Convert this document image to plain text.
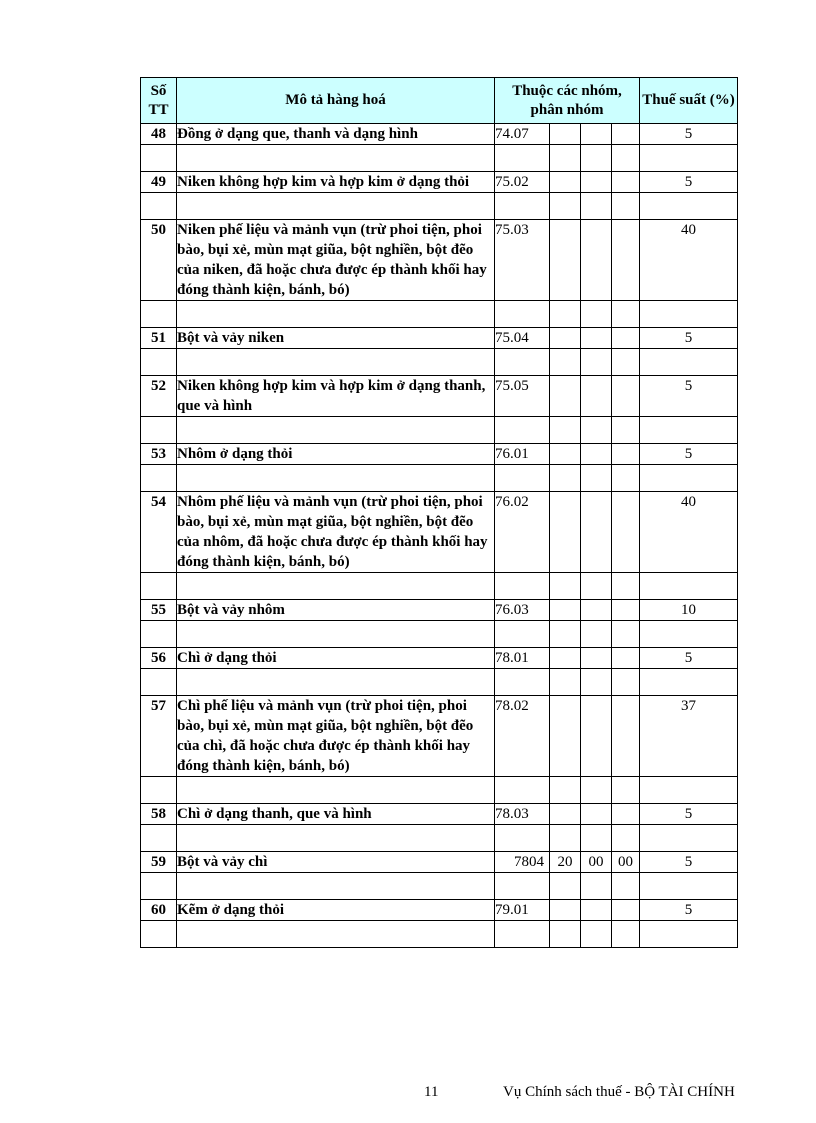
Số TT	Mô tả hàng hoá	Thuộc các nhóm, phân nhóm				Thuế suất (%)
48	Đồng ở dạng que, thanh và dạng hình	74.07				5

49	Niken không hợp kim và hợp kim ở dạng thỏi	75.02				5

50	Niken phế liệu và mảnh vụn (trừ phoi tiện, phoi bào, bụi xẻ, mùn mạt giũa, bột nghiền, bột đẽo của niken, đã hoặc chưa được ép thành khối hay đóng thành kiện, bánh, bó)	75.03				40

51	Bột và vảy niken	75.04				5

52	Niken không hợp kim và hợp kim ở dạng thanh, que và hình	75.05				5

53	Nhôm ở dạng thỏi	76.01				5

54	Nhôm phế liệu và mảnh vụn (trừ phoi tiện, phoi bào, bụi xẻ, mùn mạt giũa, bột nghiền, bột đẽo của nhôm, đã hoặc chưa được ép thành khối hay đóng thành kiện, bánh, bó)	76.02				40

55	Bột và vảy nhôm	76.03				10

56	Chì ở dạng thỏi	78.01				5

57	Chì phế liệu và mảnh vụn (trừ phoi tiện, phoi bào, bụi xẻ, mùn mạt giũa, bột nghiền, bột đẽo của chì, đã hoặc chưa được ép thành khối hay đóng thành kiện, bánh, bó)	78.02				37

58	Chì ở dạng thanh, que và hình	78.03				5

59	Bột và vảy chì	7804	20	00	00	5

60	Kẽm ở dạng thỏi	79.01				5

11	Vụ Chính sách thuế - BỘ TÀI CHÍNH
